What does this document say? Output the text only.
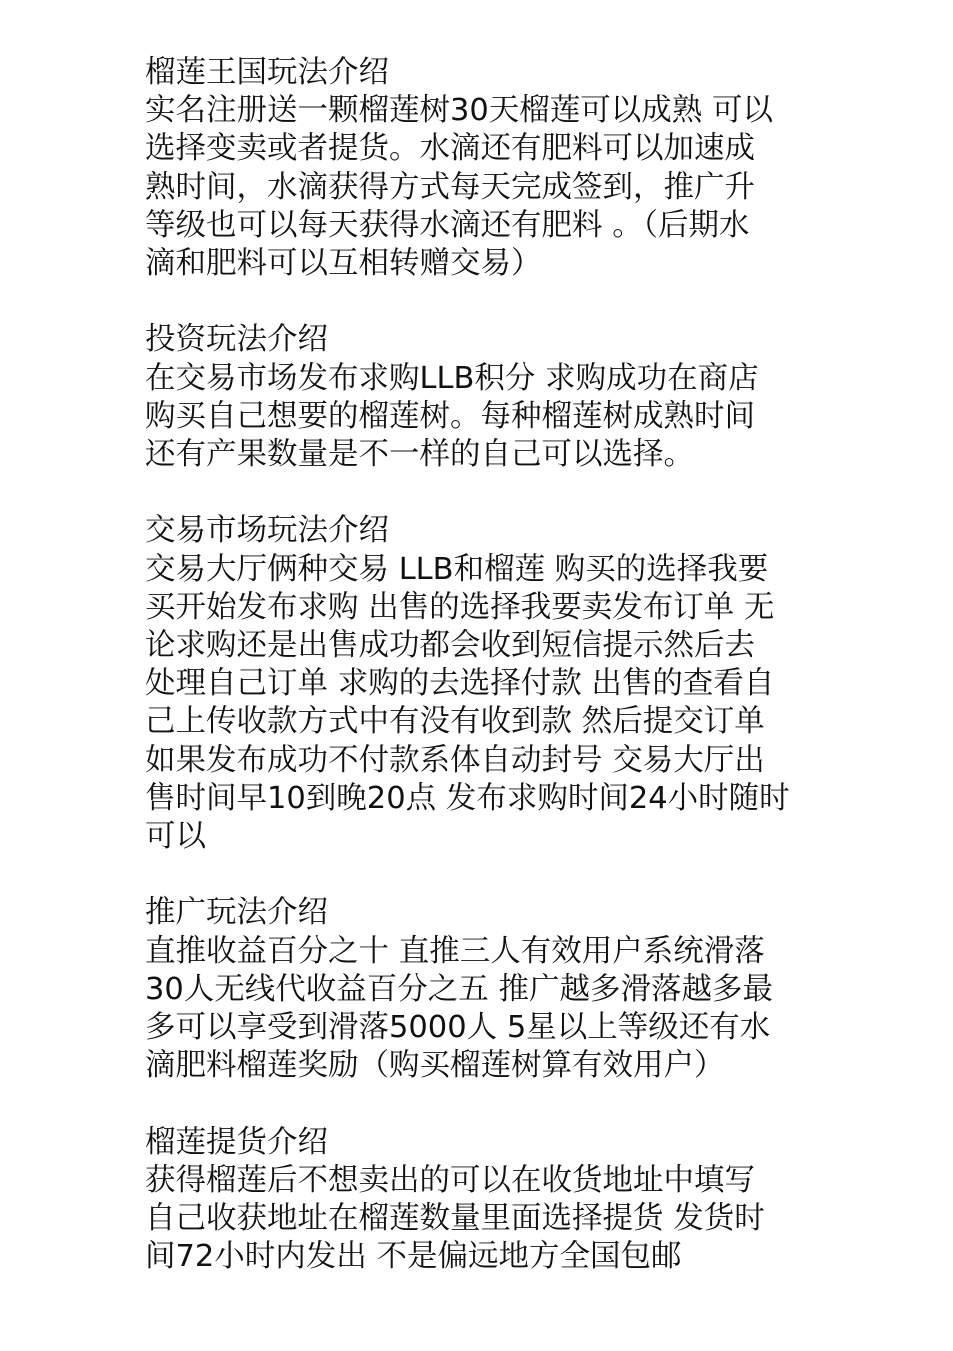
榴莲王国玩法介绍
实名注册送一颗榴莲树30天榴莲可以成熟 可以
选择变卖或者提货。水滴还有肥料可以加速成
熟时间，水滴获得方式每天完成签到，推广升
等级也可以每天获得水滴还有肥料 。（后期水
滴和肥料可以互相转赠交易）
投资玩法介绍
在交易市场发布求购LLB积分 求购成功在商店
购买自己想要的榴莲树。每种榴莲树成熟时间
还有产果数量是不一样的自己可以选择。
交易市场玩法介绍
交易大厅俩种交易 LLB和榴莲 购买的选择我要
买开始发布求购 出售的选择我要卖发布订单 无
论求购还是出售成功都会收到短信提示然后去
处理自己订单 求购的去选择付款 出售的查看自
己上传收款方式中有没有收到款 然后提交订单
如果发布成功不付款系体自动封号 交易大厅出
售时间早10到晚20点 发布求购时间24小时随时
可以
推广玩法介绍
直推收益百分之十 直推三人有效用户系统滑落
30人无线代收益百分之五 推广越多滑落越多最
多可以享受到滑落5000人 5星以上等级还有水
滴肥料榴莲奖励（购买榴莲树算有效用户）
榴莲提货介绍
获得榴莲后不想卖出的可以在收货地址中填写
自己收获地址在榴莲数量里面选择提货 发货时
间72小时内发出 不是偏远地方全国包邮
